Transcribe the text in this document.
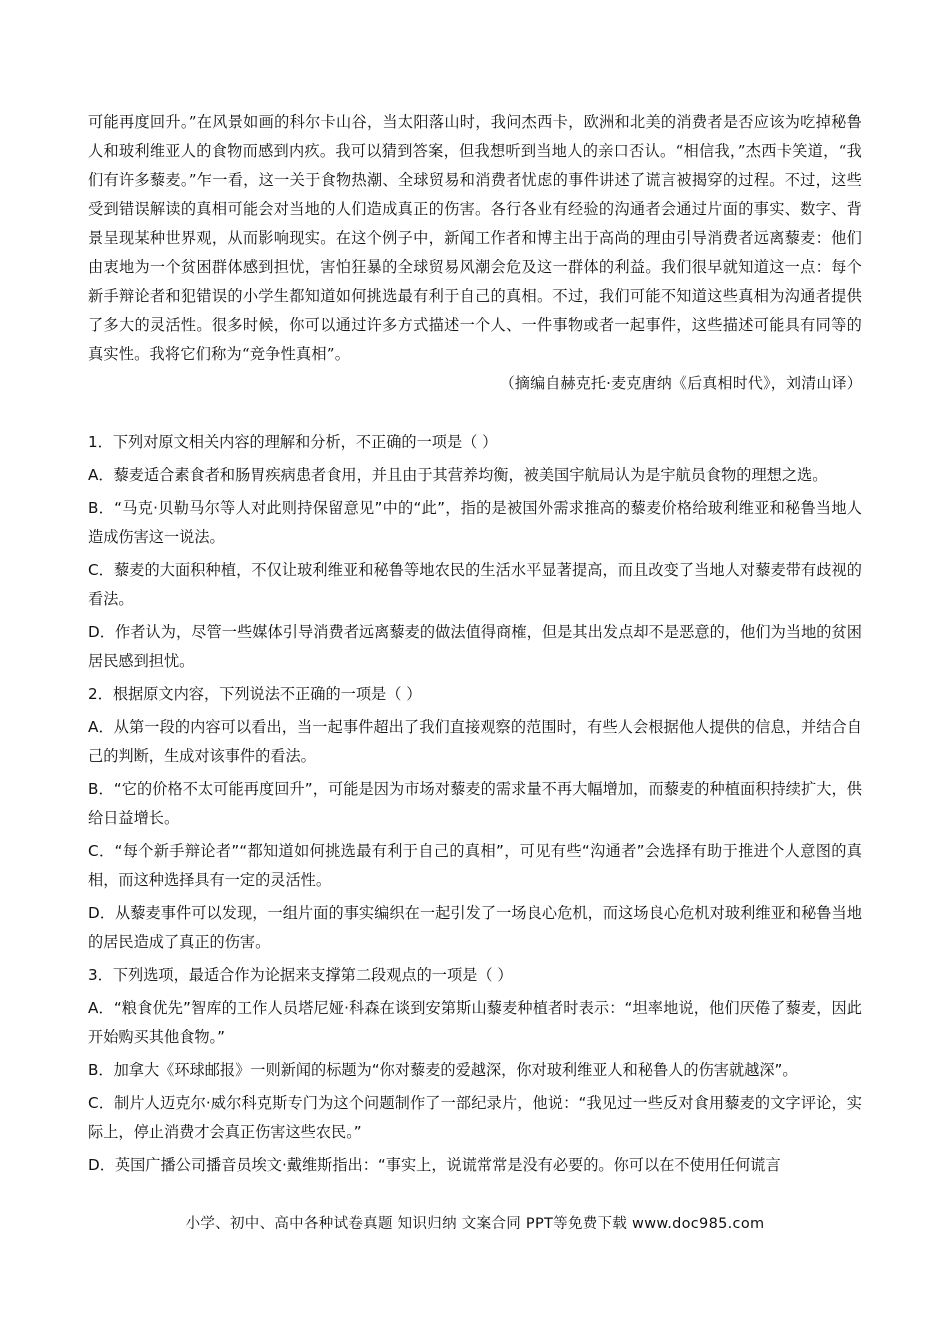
可能再度回升。”在风景如画的科尔卡山谷，当太阳落山时，我问杰西卡，欧洲和北美的消费者是否应该为吃掉秘鲁人和玻利维亚人的食物而感到内疚。我可以猜到答案，但我想听到当地人的亲口否认。“相信我，”杰西卡笑道，“我们有许多藜麦。”乍一看，这一关于食物热潮、全球贸易和消费者忧虑的事件讲述了谎言被揭穿的过程。不过，这些受到错误解读的真相可能会对当地的人们造成真正的伤害。各行各业有经验的沟通者会通过片面的事实、数字、背景呈现某种世界观，从而影响现实。在这个例子中，新闻工作者和博主出于高尚的理由引导消费者远离藜麦：他们由衷地为一个贫困群体感到担忧，害怕狂暴的全球贸易风潮会危及这一群体的利益。我们很早就知道这一点：每个新手辩论者和犯错误的小学生都知道如何挑选最有利于自己的真相。不过，我们可能不知道这些真相为沟通者提供了多大的灵活性。很多时候，你可以通过许多方式描述一个人、一件事物或者一起事件，这些描述可能具有同等的真实性。我将它们称为“竞争性真相”。

（摘编自赫克托·麦克唐纳《后真相时代》，刘清山译）

1．下列对原文相关内容的理解和分析，不正确的一项是（ ）

A．藜麦适合素食者和肠胃疾病患者食用，并且由于其营养均衡，被美国宇航局认为是宇航员食物的理想之选。

B．“马克·贝勒马尔等人对此则持保留意见”中的“此”，指的是被国外需求推高的藜麦价格给玻利维亚和秘鲁当地人造成伤害这一说法。

C．藜麦的大面积种植，不仅让玻利维亚和秘鲁等地农民的生活水平显著提高，而且改变了当地人对藜麦带有歧视的看法。

D．作者认为，尽管一些媒体引导消费者远离藜麦的做法值得商榷，但是其出发点却不是恶意的，他们为当地的贫困居民感到担忧。

2．根据原文内容，下列说法不正确的一项是（ ）

A．从第一段的内容可以看出，当一起事件超出了我们直接观察的范围时，有些人会根据他人提供的信息，并结合自己的判断，生成对该事件的看法。

B．“它的价格不太可能再度回升”，可能是因为市场对藜麦的需求量不再大幅增加，而藜麦的种植面积持续扩大，供给日益增长。

C．“每个新手辩论者”“都知道如何挑选最有利于自己的真相”，可见有些“沟通者”会选择有助于推进个人意图的真相，而这种选择具有一定的灵活性。

D．从藜麦事件可以发现，一组片面的事实编织在一起引发了一场良心危机，而这场良心危机对玻利维亚和秘鲁当地的居民造成了真正的伤害。

3．下列选项，最适合作为论据来支撑第二段观点的一项是（ ）

A．“粮食优先”智库的工作人员塔尼娅·科森在谈到安第斯山藜麦种植者时表示：“坦率地说，他们厌倦了藜麦，因此开始购买其他食物。”

B．加拿大《环球邮报》一则新闻的标题为“你对藜麦的爱越深，你对玻利维亚人和秘鲁人的伤害就越深”。

C．制片人迈克尔·威尔科克斯专门为这个问题制作了一部纪录片，他说：“我见过一些反对食用藜麦的文字评论，实际上，停止消费才会真正伤害这些农民。”

D．英国广播公司播音员埃文·戴维斯指出：“事实上，说谎常常是没有必要的。你可以在不使用任何谎言

小学、初中、高中各种试卷真题 知识归纳 文案合同 PPT等免费下载 www.doc985.com
